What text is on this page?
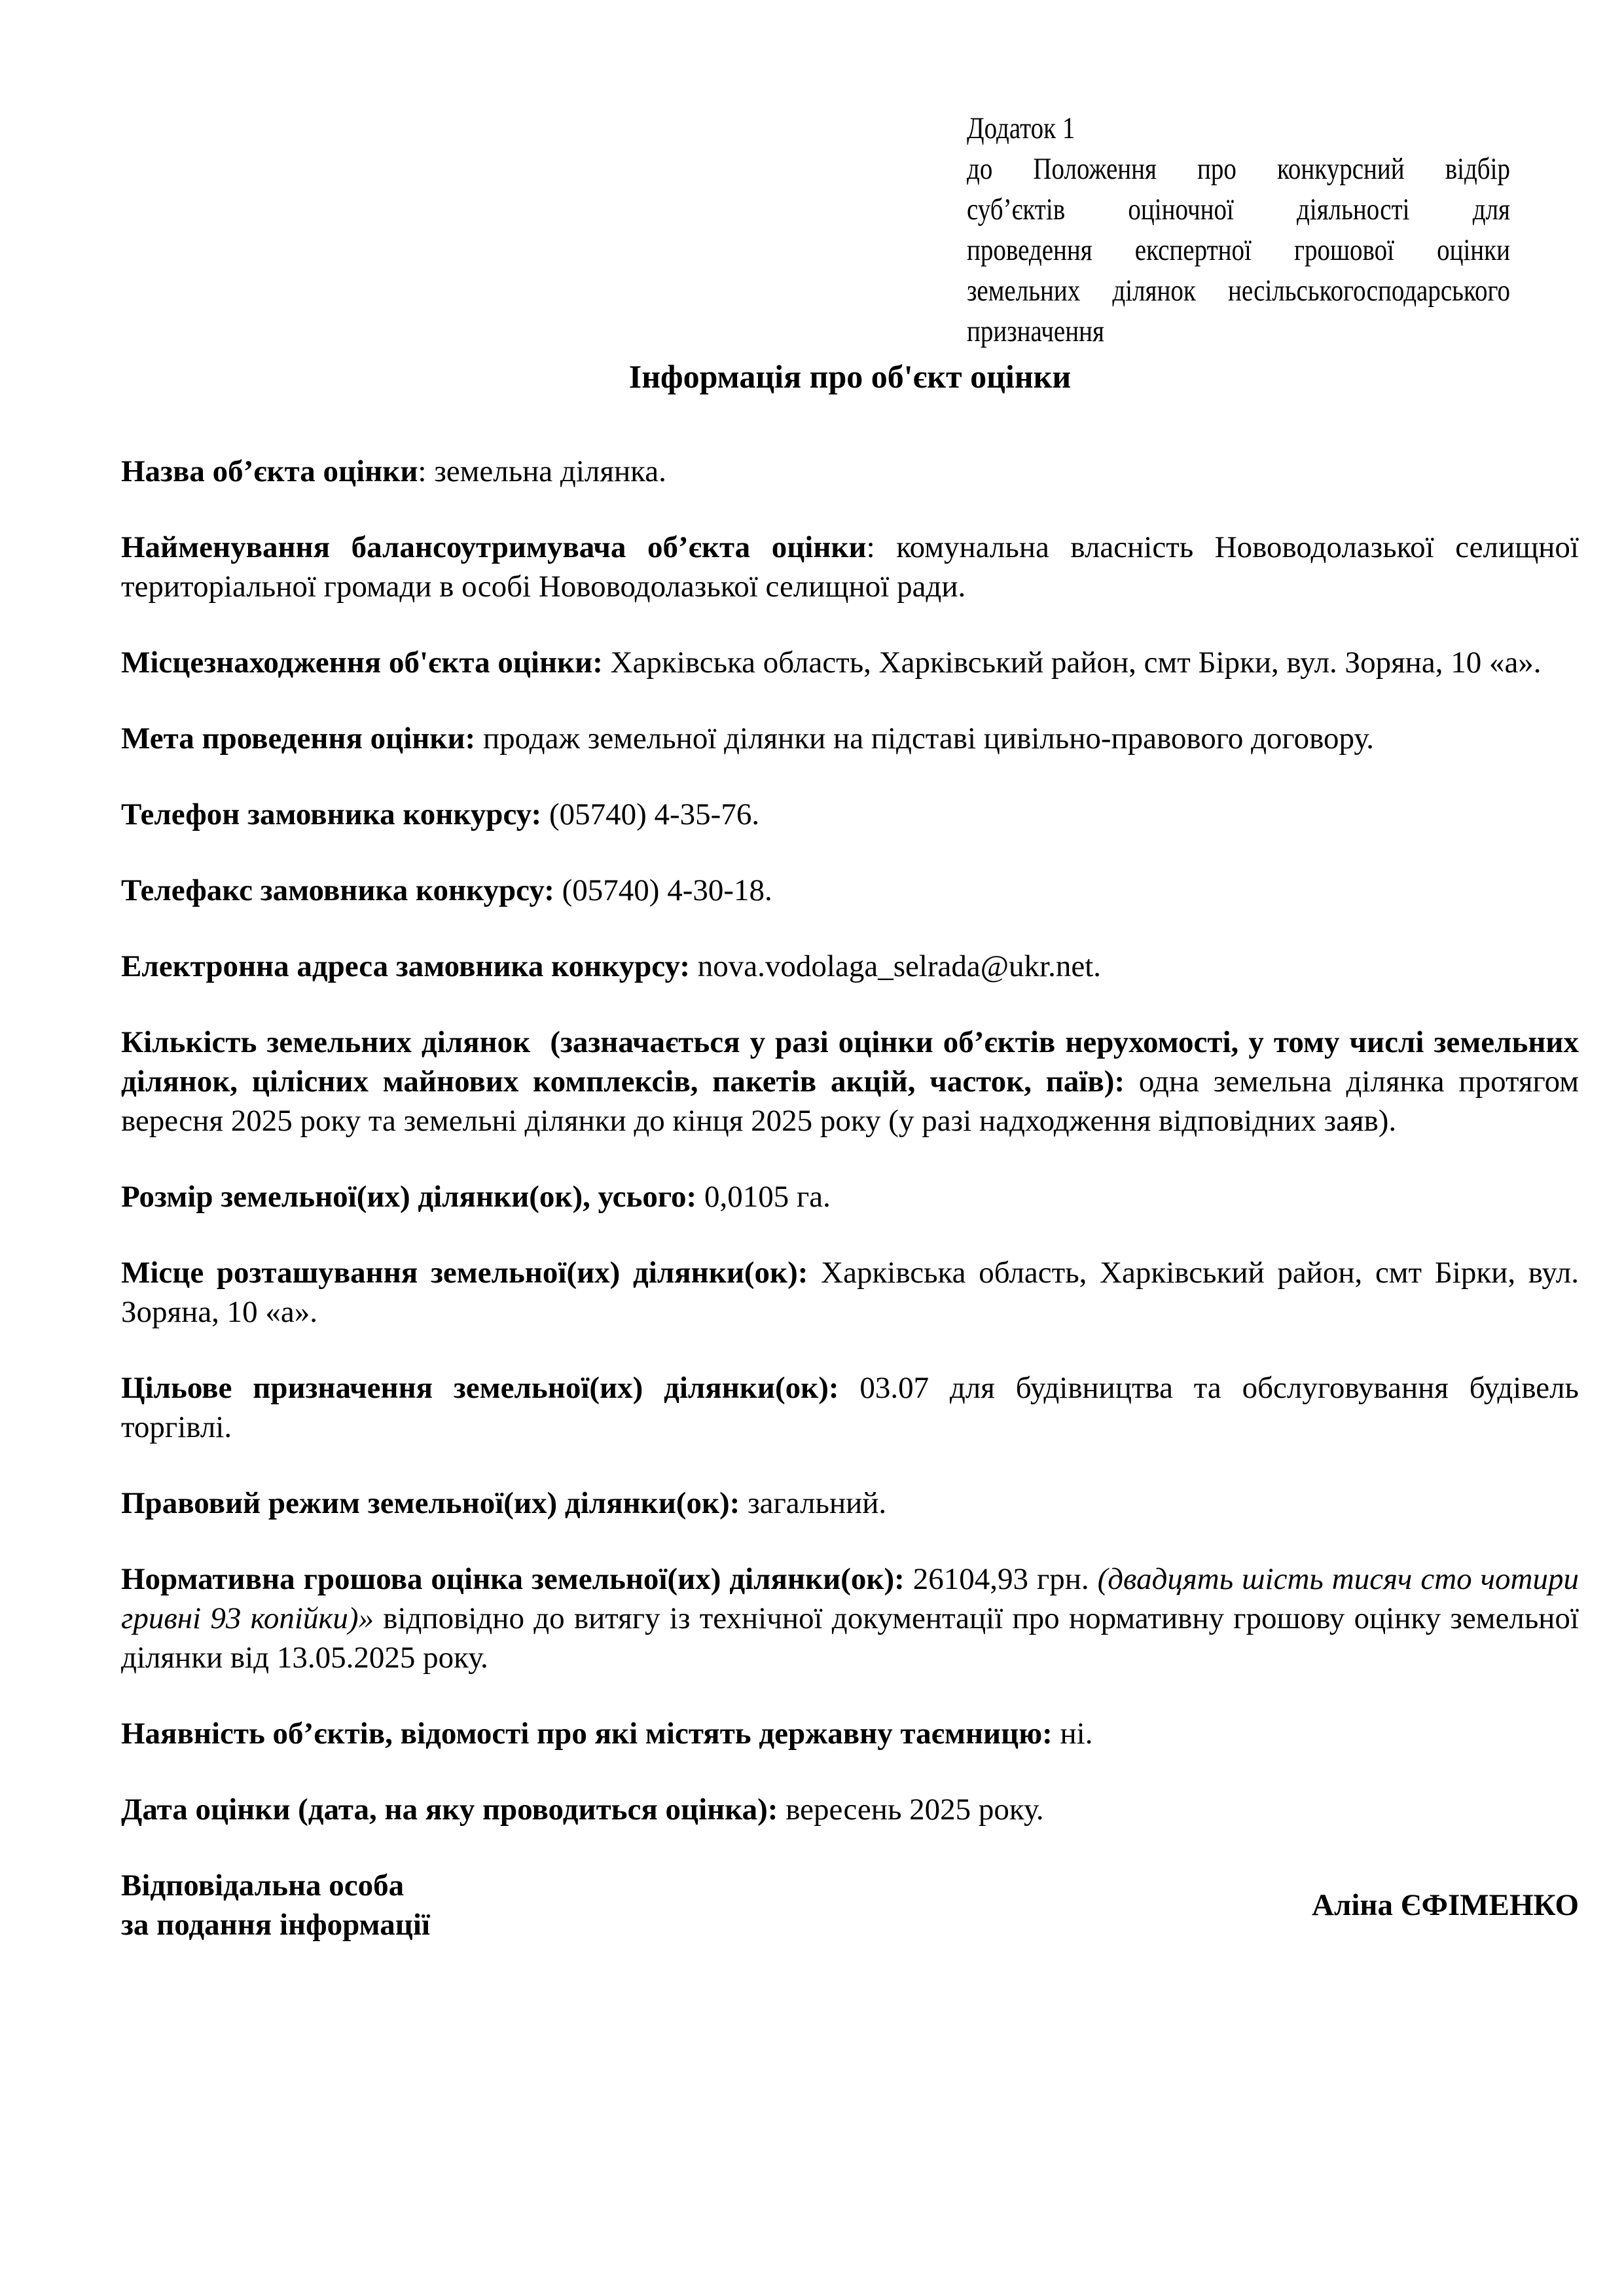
Додаток 1
до Положення про конкурсний відбір
суб’єктів оціночної діяльності для
проведення експертної грошової оцінки
земельних ділянок несільськогосподарського
призначення
Інформація про об'єкт оцінки

Назва об’єкта оцінки: земельна ділянка.

Найменування балансоутримувача об’єкта оцінки: комунальна власність Нововодолазької селищної територіальної громади в особі Нововодолазької селищної ради.

Місцезнаходження об'єкта оцінки: Харківська область, Харківський район, смт Бірки, вул. Зоряна, 10 «а».

Мета проведення оцінки: продаж земельної ділянки на підставі цивільно-правового договору.

Телефон замовника конкурсу: (05740) 4-35-76.

Телефакс замовника конкурсу: (05740) 4-30-18.

Електронна адреса замовника конкурсу: nova.vodolaga_selrada@ukr.net.

Кількість земельних ділянок  (зазначається у разі оцінки об’єктів нерухомості, у тому числі земельних ділянок, цілісних майнових комплексів, пакетів акцій, часток, паїв): одна земельна ділянка протягом вересня 2025 року та земельні ділянки до кінця 2025 року (у разі надходження відповідних заяв).

Розмір земельної(их) ділянки(ок), усього: 0,0105 га.

Місце розташування земельної(их) ділянки(ок): Харківська область, Харківський район, смт Бірки, вул. Зоряна, 10 «а».

Цільове призначення земельної(их) ділянки(ок): 03.07 для будівництва та обслуговування будівель торгівлі.

Правовий режим земельної(их) ділянки(ок): загальний.

Нормативна грошова оцінка земельної(их) ділянки(ок): 26104,93 грн. (двадцять шість тисяч сто чотири гривні 93 копійки)» відповідно до витягу із технічної документації про нормативну грошову оцінку земельної ділянки від 13.05.2025 року.

Наявність об’єктів, відомості про які містять державну таємницю: ні.

Дата оцінки (дата, на яку проводиться оцінка): вересень 2025 року.

Відповідальна особа
за подання інформації
Аліна ЄФІМЕНКО
